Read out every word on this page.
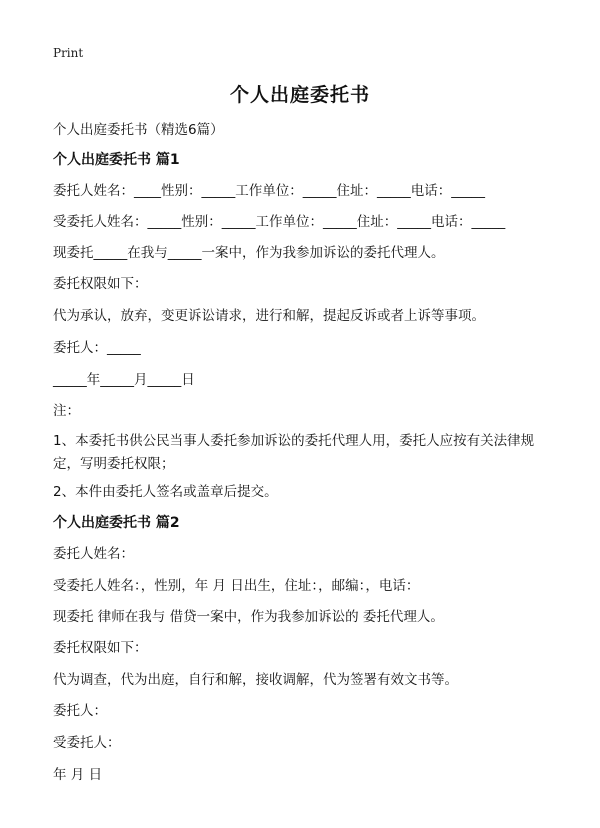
Print
个人出庭委托书
个人出庭委托书（精选6篇）
个人出庭委托书 篇1
委托人姓名：____性别：_____工作单位：_____住址：_____电话：_____
受委托人姓名：_____性别：_____工作单位：_____住址：_____电话：_____
现委托_____在我与_____一案中，作为我参加诉讼的委托代理人。
委托权限如下：
代为承认，放弃，变更诉讼请求，进行和解，提起反诉或者上诉等事项。
委托人：_____
_____年_____月_____日
注：
1、本委托书供公民当事人委托参加诉讼的委托代理人用，委托人应按有关法律规定，写明委托权限；
2、本件由委托人签名或盖章后提交。
个人出庭委托书 篇2
委托人姓名：
受委托人姓名：，性别，年 月 日出生，住址：，邮编：，电话：
现委托 律师在我与 借贷一案中，作为我参加诉讼的 委托代理人。
委托权限如下：
代为调查，代为出庭，自行和解，接收调解，代为签署有效文书等。
委托人：
受委托人：
年 月 日
